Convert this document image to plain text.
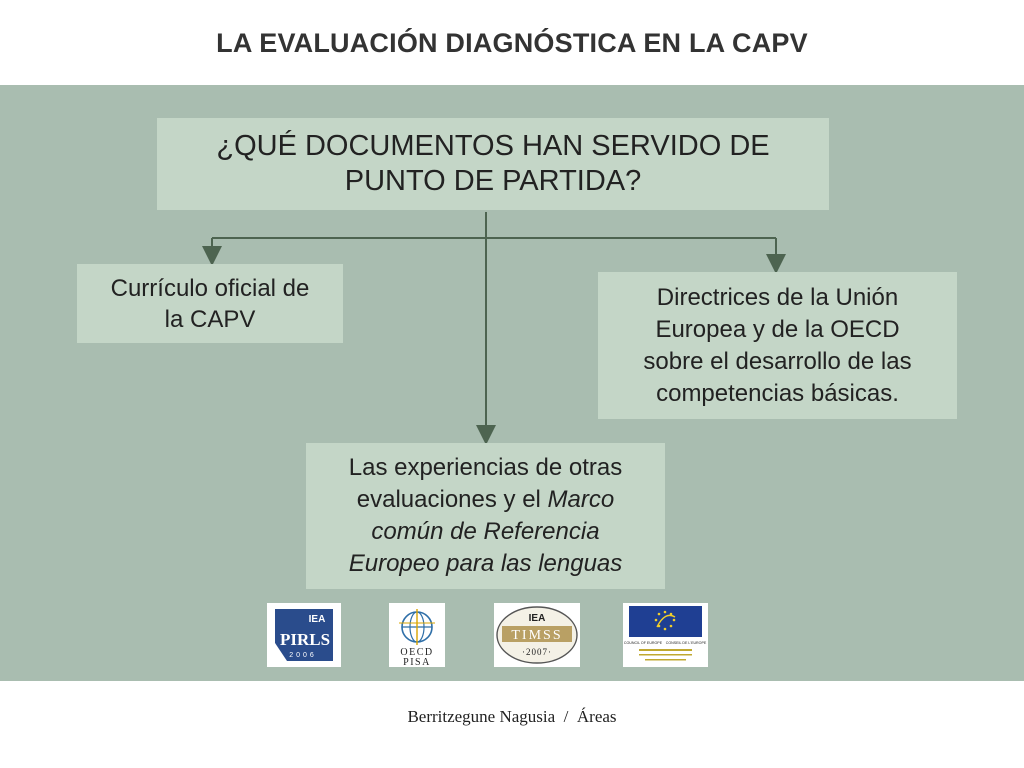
LA EVALUACIÓN DIAGNÓSTICA EN LA CAPV
¿QUÉ DOCUMENTOS HAN SERVIDO DE
PUNTO DE PARTIDA?
Currículo oficial de
la CAPV
Directrices de la Unión
Europea y de la OECD
sobre el desarrollo de las
competencias básicas.
Las experiencias de otras
evaluaciones y el Marco
común de Referencia
Europeo para las lenguas
IEA
PIRLS
2006	OECD
PISA
IEA
TIMSS
·2007·
COUNCIL OF EUROPE CONSEIL DE L'EUROPE
Berritzegune Nagusia  /  Áreas
